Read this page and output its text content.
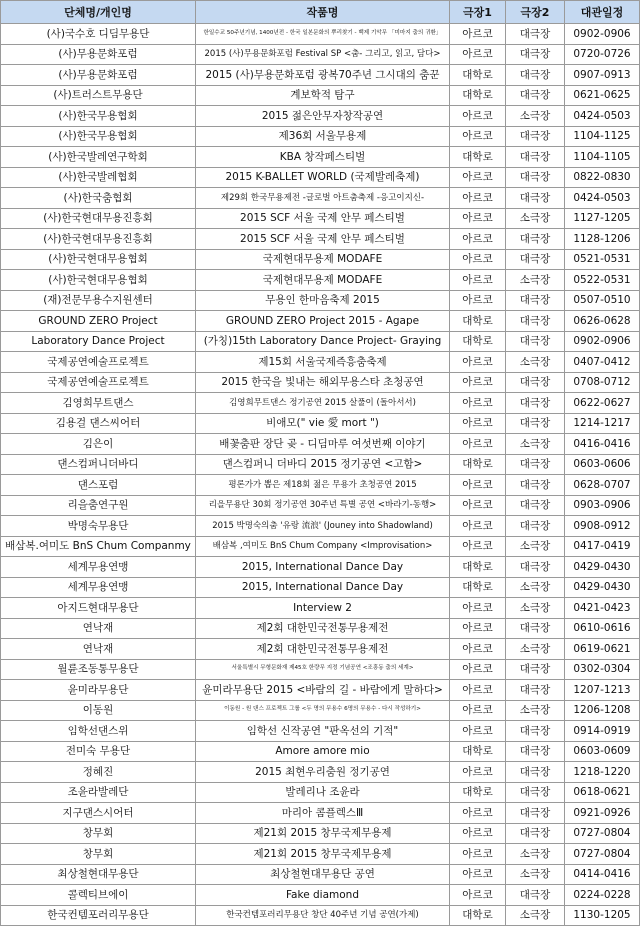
단체명/개인명	작품명	극장1	극장2	대관일정
(사)국수호 디딤무용단	한일수교 50주년기념, 1400년전 - 한국 일본문화의 뿌리찾기 - 백제 기악무 「미마지 춤의 귀환」	아르코	대극장	0902-0906
(사)무용문화포럼	2015 (사)무용문화포럼 Festival SP <춤- 그리고, 읽고, 담다>	아르코	대극장	0720-0726
(사)무용문화포럼	2015 (사)무용문화포럼 광복70주년 그시대의 춤꾼	대학로	대극장	0907-0913
(사)트러스트무용단	계보학적 탐구	대학로	대극장	0621-0625
(사)한국무용협회	2015 젊은안무자창작공연	아르코	소극장	0424-0503
(사)한국무용협회	제36회 서울무용제	아르코	대극장	1104-1125
(사)한국발레연구학회	KBA 창작페스티벌	대학로	대극장	1104-1105
(사)한국발레협회	2015 K-BALLET WORLD (국제발레축제)	아르코	대극장	0822-0830
(사)한국춤협회	제29회 한국무용제전 -글로벌 아트춤축제 -응고이지신-	아르코	대극장	0424-0503
(사)한국현대무용진흥회	2015 SCF 서울 국제 안무 페스티벌	아르코	소극장	1127-1205
(사)한국현대무용진흥회	2015 SCF 서울 국제 안무 페스티벌	아르코	대극장	1128-1206
(사)한국현대무용협회	국제현대무용제 MODAFE	아르코	대극장	0521-0531
(사)한국현대무용협회	국제현대무용제 MODAFE	아르코	소극장	0522-0531
(재)전문무용수지원센터	무용인 한마음축제 2015	아르코	대극장	0507-0510
GROUND ZERO Project	GROUND ZERO Project 2015 - Agape	대학로	대극장	0626-0628
Laboratory Dance Project	(가칭)15th Laboratory Dance Project- Graying	대학로	대극장	0902-0906
국제공연예술프로젝트	제15회 서울국제즉흥춤축제	아르코	소극장	0407-0412
국제공연예술프로젝트	2015 한국을 빛내는 해외무용스타 초청공연	아르코	대극장	0708-0712
김영희무트댄스	김영희무트댄스 정기공연 2015 살풀이 (돌아서서)	아르코	대극장	0622-0627
김용걸 댄스씨어터	비애모(" vie 愛 mort ")	아르코	대극장	1214-1217
김은이	배꽃춤판 장단 곶 - 디딤마루 여섯번째 이야기	아르코	소극장	0416-0416
댄스컴퍼니더바디	댄스컴퍼니 더바디 2015 정기공연 <고함>	대학로	대극장	0603-0606
댄스포럼	평론가가 뽑은 제18회 젊은 무용가 초청공연 2015	아르코	대극장	0628-0707
리을춤연구원	리을무용단 30회 정기공연 30주년 특별 공연 <바라기-동행>	아르코	대극장	0903-0906
박명숙무용단	2015 박명숙의춤 '유랑 流浪' (Jouney into Shadowland)	아르코	대극장	0908-0912
배삼복.여미도 BnS Chum Companmy	배삼복 ,여미도 BnS Chum Company <Improvisation>	아르코	소극장	0417-0419
세계무용연맹	2015, International Dance Day	대학로	대극장	0429-0430
세계무용연맹	2015, International Dance Day	대학로	소극장	0429-0430
아지드현대무용단	Interview 2	아르코	소극장	0421-0423
연낙재	제2회 대한민국전통무용제전	아르코	대극장	0610-0616
연낙재	제2회 대한민국전통무용제전	아르코	소극장	0619-0621
월륜조동통무용단	서울특별시 무형문화재 제45호 한량무 지정 기념공연 <조흥동 춤의 세계>	아르코	대극장	0302-0304
윤미라무용단	윤미라무용단 2015 <바람의 길 - 바람에게 말하다>	아르코	대극장	1207-1213
이동원	이동원 - 원 댄스 프로젝트 그룹 <두 명의 무용수 6명의 무용수 - 다시 작성하기>	아르코	소극장	1206-1208
임학선댄스위	임학선 신작공연 "판옥선의 기적"	아르코	대극장	0914-0919
전미숙 무용단	Amore amore mio	대학로	대극장	0603-0609
정혜진	2015 최현우리춤원 정기공연	아르코	대극장	1218-1220
조윤라발레단	발레리나 조윤라	대학로	대극장	0618-0621
지구댄스시어터	마리아 콤플렉스Ⅲ	아르코	대극장	0921-0926
창무회	제21회 2015 창무국제무용제	아르코	대극장	0727-0804
창무회	제21회 2015 창무국제무용제	아르코	소극장	0727-0804
최상철현대무용단	최상철현대무용단 공연	아르코	소극장	0414-0416
콜렉티브에이	Fake diamond	아르코	대극장	0224-0228
한국컨템포러리무용단	한국컨템포러리무용단 창단 40주년 기념 공연(가제)	대학로	소극장	1130-1205
